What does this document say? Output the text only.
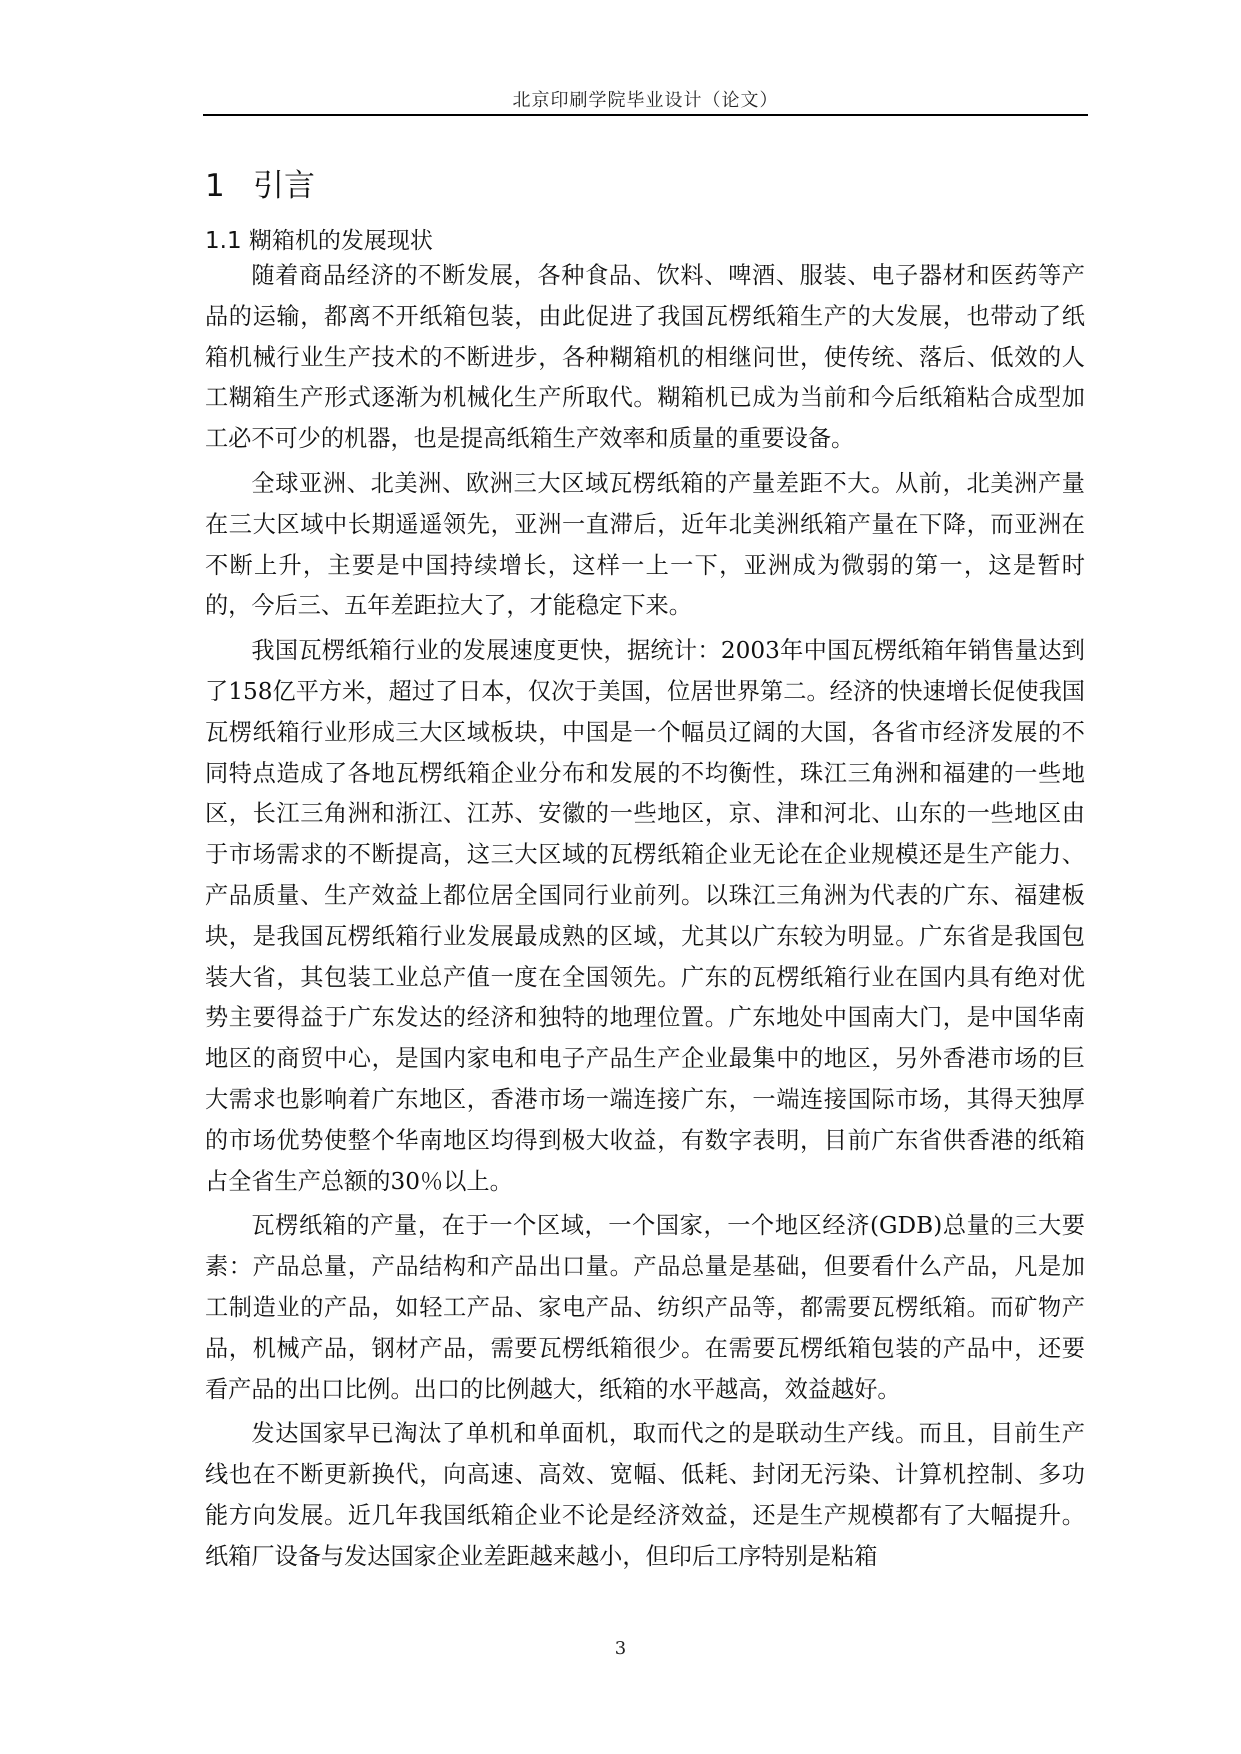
北京印刷学院毕业设计（论文）
1 引言
1.1 糊箱机的发展现状

随着商品经济的不断发展，各种食品、饮料、啤酒、服装、电子器材和医药等产品的运输，都离不开纸箱包装，由此促进了我国瓦楞纸箱生产的大发展，也带动了纸箱机械行业生产技术的不断进步，各种糊箱机的相继问世，使传统、落后、低效的人工糊箱生产形式逐渐为机械化生产所取代。糊箱机已成为当前和今后纸箱粘合成型加工必不可少的机器，也是提高纸箱生产效率和质量的重要设备。

全球亚洲、北美洲、欧洲三大区域瓦楞纸箱的产量差距不大。从前，北美洲产量在三大区域中长期遥遥领先，亚洲一直滞后，近年北美洲纸箱产量在下降，而亚洲在不断上升，主要是中国持续增长，这样一上一下，亚洲成为微弱的第一，这是暂时的，今后三、五年差距拉大了，才能稳定下来。

我国瓦楞纸箱行业的发展速度更快，据统计：2003年中国瓦楞纸箱年销售量达到了158亿平方米，超过了日本，仅次于美国，位居世界第二。经济的快速增长促使我国瓦楞纸箱行业形成三大区域板块，中国是一个幅员辽阔的大国，各省市经济发展的不同特点造成了各地瓦楞纸箱企业分布和发展的不均衡性，珠江三角洲和福建的一些地区，长江三角洲和浙江、江苏、安徽的一些地区，京、津和河北、山东的一些地区由于市场需求的不断提高，这三大区域的瓦楞纸箱企业无论在企业规模还是生产能力、产品质量、生产效益上都位居全国同行业前列。以珠江三角洲为代表的广东、福建板块，是我国瓦楞纸箱行业发展最成熟的区域，尤其以广东较为明显。广东省是我国包装大省，其包装工业总产值一度在全国领先。广东的瓦楞纸箱行业在国内具有绝对优势主要得益于广东发达的经济和独特的地理位置。广东地处中国南大门，是中国华南地区的商贸中心，是国内家电和电子产品生产企业最集中的地区，另外香港市场的巨大需求也影响着广东地区，香港市场一端连接广东，一端连接国际市场，其得天独厚的市场优势使整个华南地区均得到极大收益，有数字表明，目前广东省供香港的纸箱占全省生产总额的30％以上。

瓦楞纸箱的产量，在于一个区域，一个国家，一个地区经济(GDB)总量的三大要素：产品总量，产品结构和产品出口量。产品总量是基础，但要看什么产品，凡是加工制造业的产品，如轻工产品、家电产品、纺织产品等，都需要瓦楞纸箱。而矿物产品，机械产品，钢材产品，需要瓦楞纸箱很少。在需要瓦楞纸箱包装的产品中，还要看产品的出口比例。出口的比例越大，纸箱的水平越高，效益越好。

发达国家早已淘汰了单机和单面机，取而代之的是联动生产线。而且，目前生产线也在不断更新换代，向高速、高效、宽幅、低耗、封闭无污染、计算机控制、多功能方向发展。近几年我国纸箱企业不论是经济效益，还是生产规模都有了大幅提升。纸箱厂设备与发达国家企业差距越来越小，但印后工序特别是粘箱

3
